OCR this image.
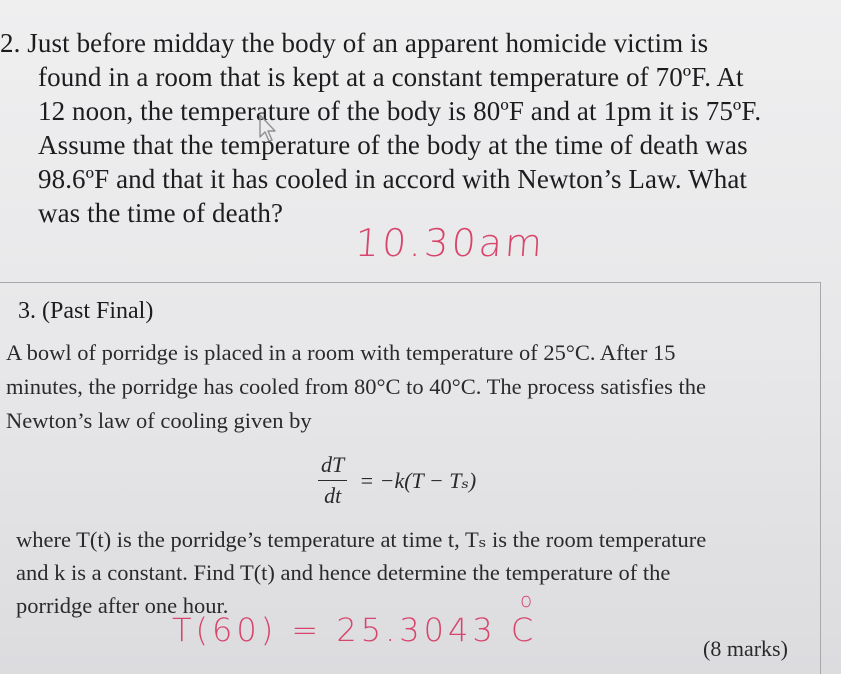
2. Just before midday the body of an apparent homicide victim is
found in a room that is kept at a constant temperature of 70ºF. At
12 noon, the temperature of the body is 80ºF and at 1pm it is 75ºF.
Assume that the temperature of the body at the time of death was
98.6ºF and that it has cooled in accord with Newton’s Law. What
was the time of death?
10.30am
3. (Past Final)
A bowl of porridge is placed in a room with temperature of 25°C. After 15
minutes, the porridge has cooled from 80°C to 40°C. The process satisfies the
Newton’s law of cooling given by
$\frac{dT}{dt} = -k(T - T_s)$
where T(t) is the porridge’s temperature at time t, Tₛ is the room temperature
and k is a constant. Find T(t) and hence determine the temperature of the
porridge after one hour.	o
T(60) = 25.3043 C	(8 marks)
